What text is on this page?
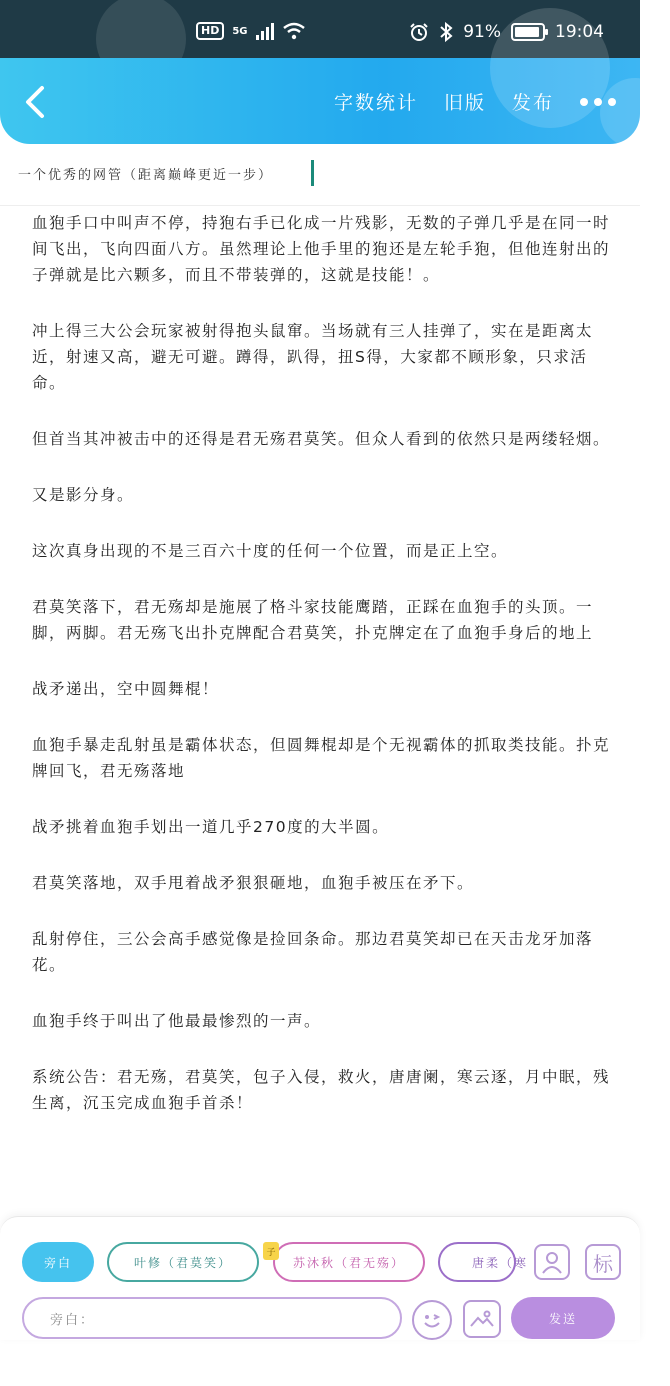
HD	5G	91%	19:04
字数统计 旧版 发布
一个优秀的网管（距离巅峰更近一步）

血狍手口中叫声不停，持狍右手已化成一片残影，无数的子弹几乎是在同一时间飞出，飞向四面八方。虽然理论上他手里的狍还是左轮手狍，但他连射出的子弹就是比六颗多，而且不带装弹的，这就是技能！。

冲上得三大公会玩家被射得抱头鼠窜。当场就有三人挂弹了，实在是距离太近，射速又高，避无可避。蹲得，趴得，扭S得，大家都不顾形象，只求活命。

但首当其冲被击中的还得是君无殇君莫笑。但众人看到的依然只是两缕轻烟。

又是影分身。

这次真身出现的不是三百六十度的任何一个位置，而是正上空。

君莫笑落下，君无殇却是施展了格斗家技能鹰踏，正踩在血狍手的头顶。一脚，两脚。君无殇飞出扑克牌配合君莫笑，扑克牌定在了血狍手身后的地上

战矛递出，空中圆舞棍！

血狍手暴走乱射虽是霸体状态，但圆舞棍却是个无视霸体的抓取类技能。扑克牌回飞，君无殇落地

战矛挑着血狍手划出一道几乎270度的大半圆。

君莫笑落地，双手甩着战矛狠狠砸地，血狍手被压在矛下。

乱射停住，三公会高手感觉像是捡回条命。那边君莫笑却已在天击龙牙加落花。

血狍手终于叫出了他最最惨烈的一声。

系统公告：君无殇，君莫笑，包子入侵，救火，唐唐阑，寒云逐，月中眠，残生离，沉玉完成血狍手首杀！

旁白	叶修（君莫笑）	苏沐秋（君无殇）
子
唐柔（寒	标
旁白：	发送
